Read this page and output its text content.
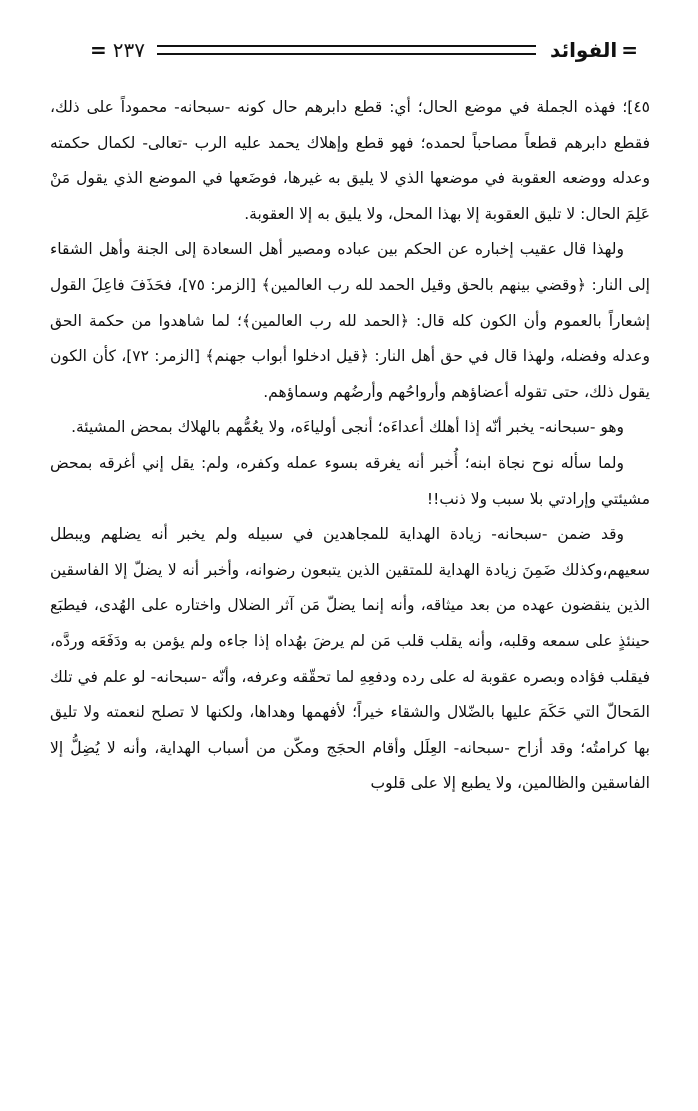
=
الفوائد
٢٣٧
=

٤٥]؛ فهذه الجملة في موضع الحال؛ أي: قطع دابرهم حال كونه -سبحانه- محموداً على ذلك، فقطع دابرهم قطعاً مصاحباً لحمده؛ فهو قطع وإهلاك يحمد عليه الرب -تعالى- لكمال حكمته وعدله ووضعه العقوبة في موضعها الذي لا يليق به غيرها، فوضَعها في الموضع الذي يقول مَنْ عَلِمَ الحال: لا تليق العقوبة إلا بهذا المحل، ولا يليق به إلا العقوبة.

ولهذا قال عقيب إخباره عن الحكم بين عباده ومصير أهل السعادة إلى الجنة وأهل الشقاء إلى النار: ﴿وقضي بينهم بالحق وقيل الحمد لله رب العالمين﴾ [الزمر: ٧٥]، فحَذَفَ فاعِلَ القول إشعاراً بالعموم وأن الكون كله قال: ﴿الحمد لله رب العالمين﴾؛ لما شاهدوا من حكمة الحق وعدله وفضله، ولهذا قال في حق أهل النار: ﴿قيل ادخلوا أبواب جهنم﴾ [الزمر: ٧٢]، كأن الكون يقول ذلك، حتى تقوله أعضاؤهم وأرواحُهم وأرضُهم وسماؤهم.

وهو -سبحانه- يخبر أنّه إذا أهلك أعداءَه؛ أنجى أولياءَه، ولا يعُمُّهم بالهلاك بمحض المشيئة.

ولما سأله نوح نجاة ابنه؛ أُخبر أنه يغرقه بسوء عمله وكفره، ولم: يقل إني أغرقه بمحض مشيئتي وإرادتي بلا سبب ولا ذنب!!

وقد ضمن -سبحانه- زيادة الهداية للمجاهدين في سبيله ولم يخبر أنه يضلهم ويبطل سعيهم،وكذلك ضَمِنَ زيادة الهداية للمتقين الذين يتبعون رضوانه، وأخبر أنه لا يضلّ إلا الفاسقين الذين ينقضون عهده من بعد ميثاقه، وأنه إنما يضلّ مَن آثر الضلال واختاره على الهُدى، فيطبَع حينئذٍ على سمعه وقلبه، وأنه يقلب قلب مَن لم يرضَ بهُداه إذا جاءه ولم يؤمن به ودَفَعَه وردَّه، فيقلب فؤاده وبصره عقوبة له على رده ودفعِهِ لما تحقّقه وعرفه، وأنّه -سبحانه- لو علم في تلك المَحالّ التي حَكَمَ عليها بالضّلال والشقاء خيراً؛ لأفهمها وهداها، ولكنها لا تصلح لنعمته ولا تليق بها كرامتُه؛ وقد أزاح -سبحانه- العِلَل وأقام الحجَج ومكّن من أسباب الهداية، وأنه لا يُضِلُّ إلا الفاسقين والظالمين، ولا يطبع إلا على قلوب
